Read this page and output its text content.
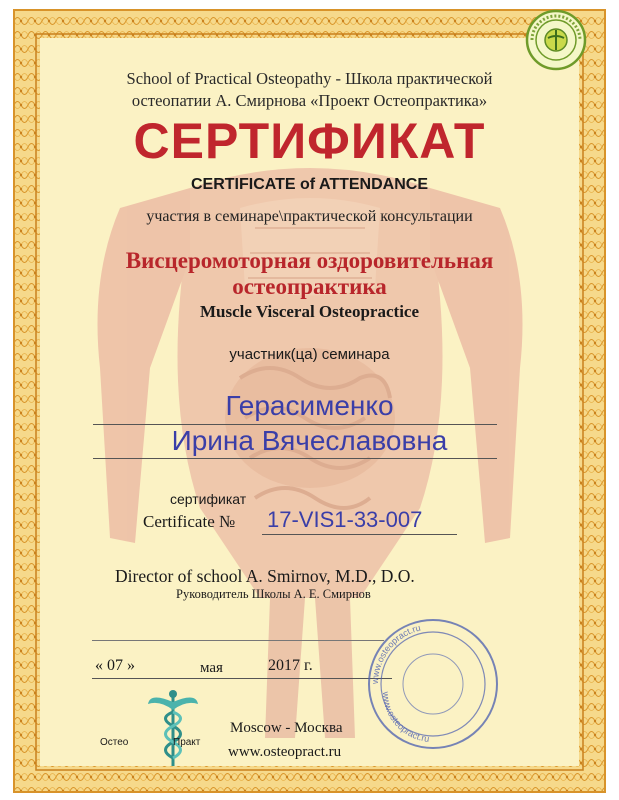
School of Practical Osteopathy - Школа практической
остеопатии А. Смирнова «Проект Остеопрактика»
СЕРТИФИКАТ
CERTIFICATE of ATTENDANCE
участия в семинаре\практической консультации
Висцеромоторная оздоровительная
остеопрактика
Muscle Visceral Osteopractice
участник(ца) семинара
Герасименко
Ирина Вячеславовна
сертификат
Certificate № 17-VIS1-33-007
Director of school A. Smirnov, M.D., D.O.
Руководитель Школы А. Е. Смирнов
« 07 »	мая	2017 г.
Остео	Практ
Moscow - Москва
www.osteopract.ru
www.osteopract.ru
www.osteopract.ru
